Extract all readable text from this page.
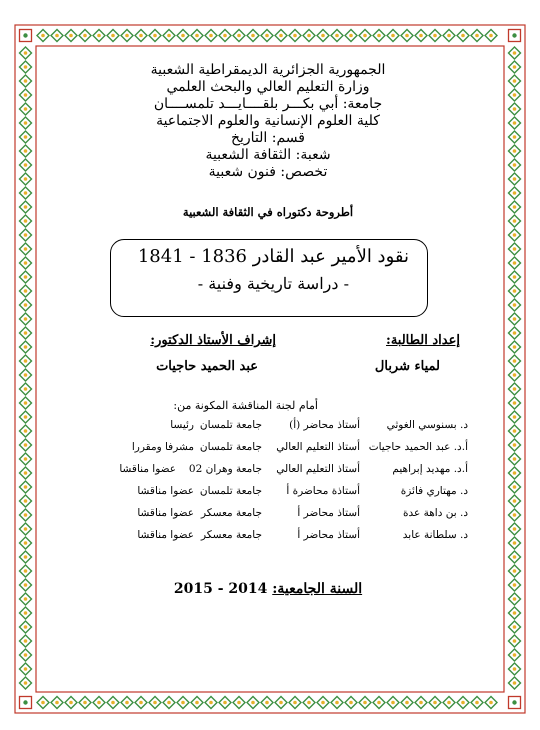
الجمهورية الجزائرية الديمقراطية الشعبية
وزارة التعليم العالي والبحث العلمي
جامعة: أبي بكـــر بلقــــايـــد تلمســــان
كلية العلوم الإنسانية والعلوم الاجتماعية
قسم: التاريخ
شعبة: الثقافة الشعبية
تخصص: فنون شعبية
أطروحة دكتوراه في الثقافة الشعبية
نقود الأمير عبد القادر 1836 - 1841
- دراسة تاريخية وفنية -
إعداد الطالبة:
إشراف الأستاذ الدكتور:
لمياء شربال
عبد الحميد حاجيات
أمام لجنة المناقشة المكونة من:
د. بسنوسي الغوثي
أستاذ محاضر (أ)
جامعة تلمسان
رئيسا
أ.د. عبد الحميد حاجيات
أستاذ التعليم العالي
جامعة تلمسان
مشرفا ومقررا
أ.د. مهديد إبراهيم
أستاذ التعليم العالي
جامعة وهران 02
عضوا مناقشا
د. مهتاري فائزة
أستاذة محاضرة أ
جامعة تلمسان
عضوا مناقشا
د. بن داهة عدة
أستاذ محاضر أ
جامعة معسكر
عضوا مناقشا
د. سلطانة عابد
أستاذ محاضر أ
جامعة معسكر
عضوا مناقشا
السنة الجامعية: 2014 - 2015
